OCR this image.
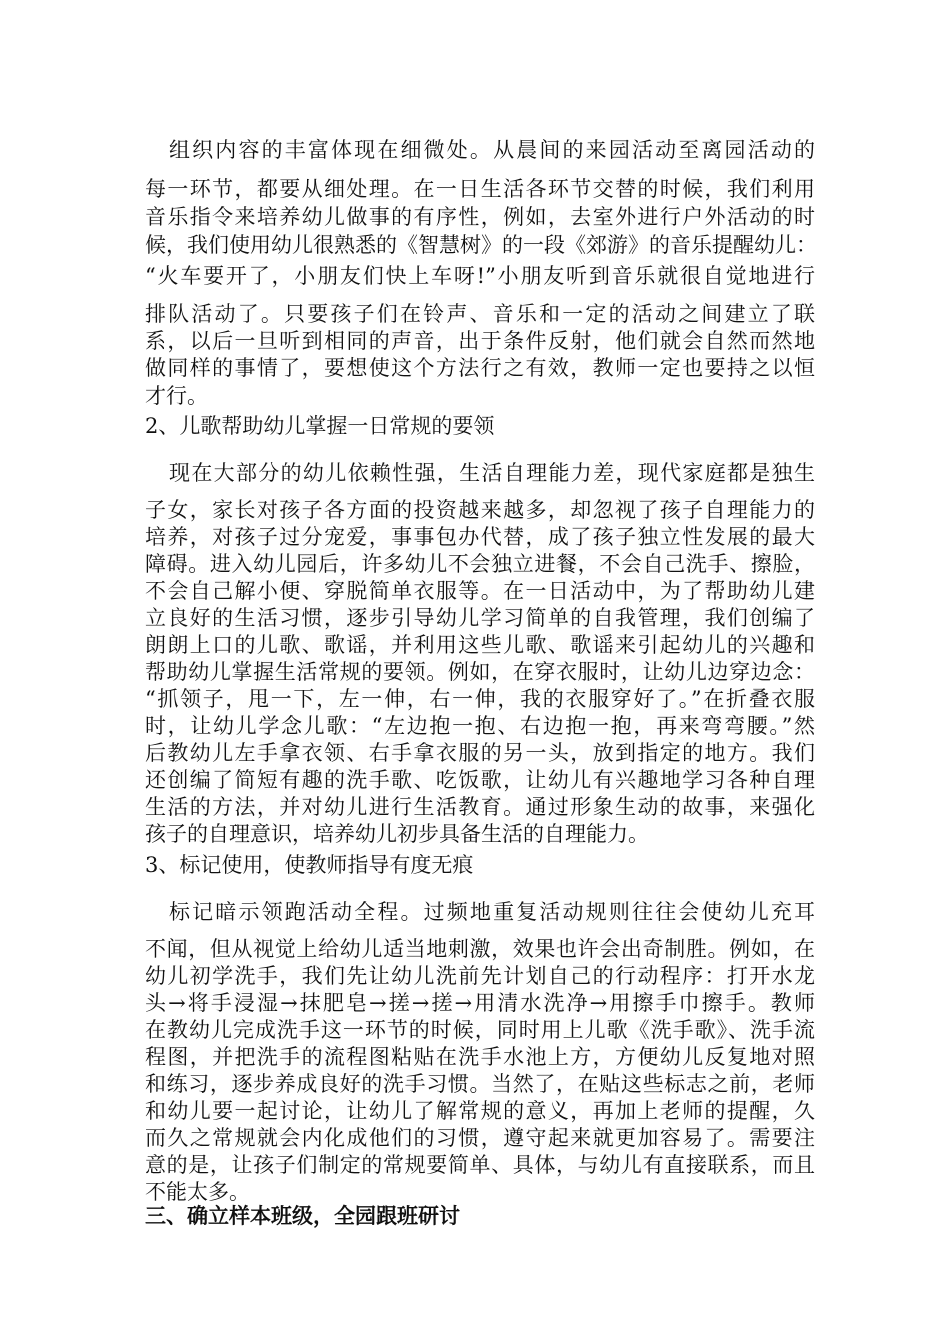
组织内容的丰富体现在细微处。从晨间的来园活动至离园活动的
每一环节，都要从细处理。在一日生活各环节交替的时候，我们利用
音乐指令来培养幼儿做事的有序性，例如，去室外进行户外活动的时
候，我们使用幼儿很熟悉的《智慧树》的一段《郊游》的音乐提醒幼儿：
“火车要开了，小朋友们快上车呀!”小朋友听到音乐就很自觉地进行
排队活动了。只要孩子们在铃声、音乐和一定的活动之间建立了联
系，以后一旦听到相同的声音，出于条件反射，他们就会自然而然地
做同样的事情了，要想使这个方法行之有效，教师一定也要持之以恒
才行。
2、儿歌帮助幼儿掌握一日常规的要领
现在大部分的幼儿依赖性强，生活自理能力差，现代家庭都是独生
子女，家长对孩子各方面的投资越来越多，却忽视了孩子自理能力的
培养，对孩子过分宠爱，事事包办代替，成了孩子独立性发展的最大
障碍。进入幼儿园后，许多幼儿不会独立进餐，不会自己洗手、擦脸，
不会自己解小便、穿脱简单衣服等。在一日活动中，为了帮助幼儿建
立良好的生活习惯，逐步引导幼儿学习简单的自我管理，我们创编了
朗朗上口的儿歌、歌谣，并利用这些儿歌、歌谣来引起幼儿的兴趣和
帮助幼儿掌握生活常规的要领。例如，在穿衣服时，让幼儿边穿边念：
“抓领子，甩一下，左一伸，右一伸，我的衣服穿好了。”在折叠衣服
时，让幼儿学念儿歌：“左边抱一抱、右边抱一抱，再来弯弯腰。”然
后教幼儿左手拿衣领、右手拿衣服的另一头，放到指定的地方。我们
还创编了简短有趣的洗手歌、吃饭歌，让幼儿有兴趣地学习各种自理
生活的方法，并对幼儿进行生活教育。通过形象生动的故事，来强化
孩子的自理意识，培养幼儿初步具备生活的自理能力。
3、标记使用，使教师指导有度无痕
标记暗示领跑活动全程。过频地重复活动规则往往会使幼儿充耳
不闻，但从视觉上给幼儿适当地刺激，效果也许会出奇制胜。例如，在
幼儿初学洗手，我们先让幼儿洗前先计划自己的行动程序：打开水龙
头→将手浸湿→抹肥皂→搓→搓→用清水洗净→用擦手巾擦手。教师
在教幼儿完成洗手这一环节的时候，同时用上儿歌《洗手歌》、洗手流
程图，并把洗手的流程图粘贴在洗手水池上方，方便幼儿反复地对照
和练习，逐步养成良好的洗手习惯。当然了，在贴这些标志之前，老师
和幼儿要一起讨论，让幼儿了解常规的意义，再加上老师的提醒，久
而久之常规就会内化成他们的习惯，遵守起来就更加容易了。需要注
意的是，让孩子们制定的常规要简单、具体，与幼儿有直接联系，而且
不能太多。
三、确立样本班级，全园跟班研讨
